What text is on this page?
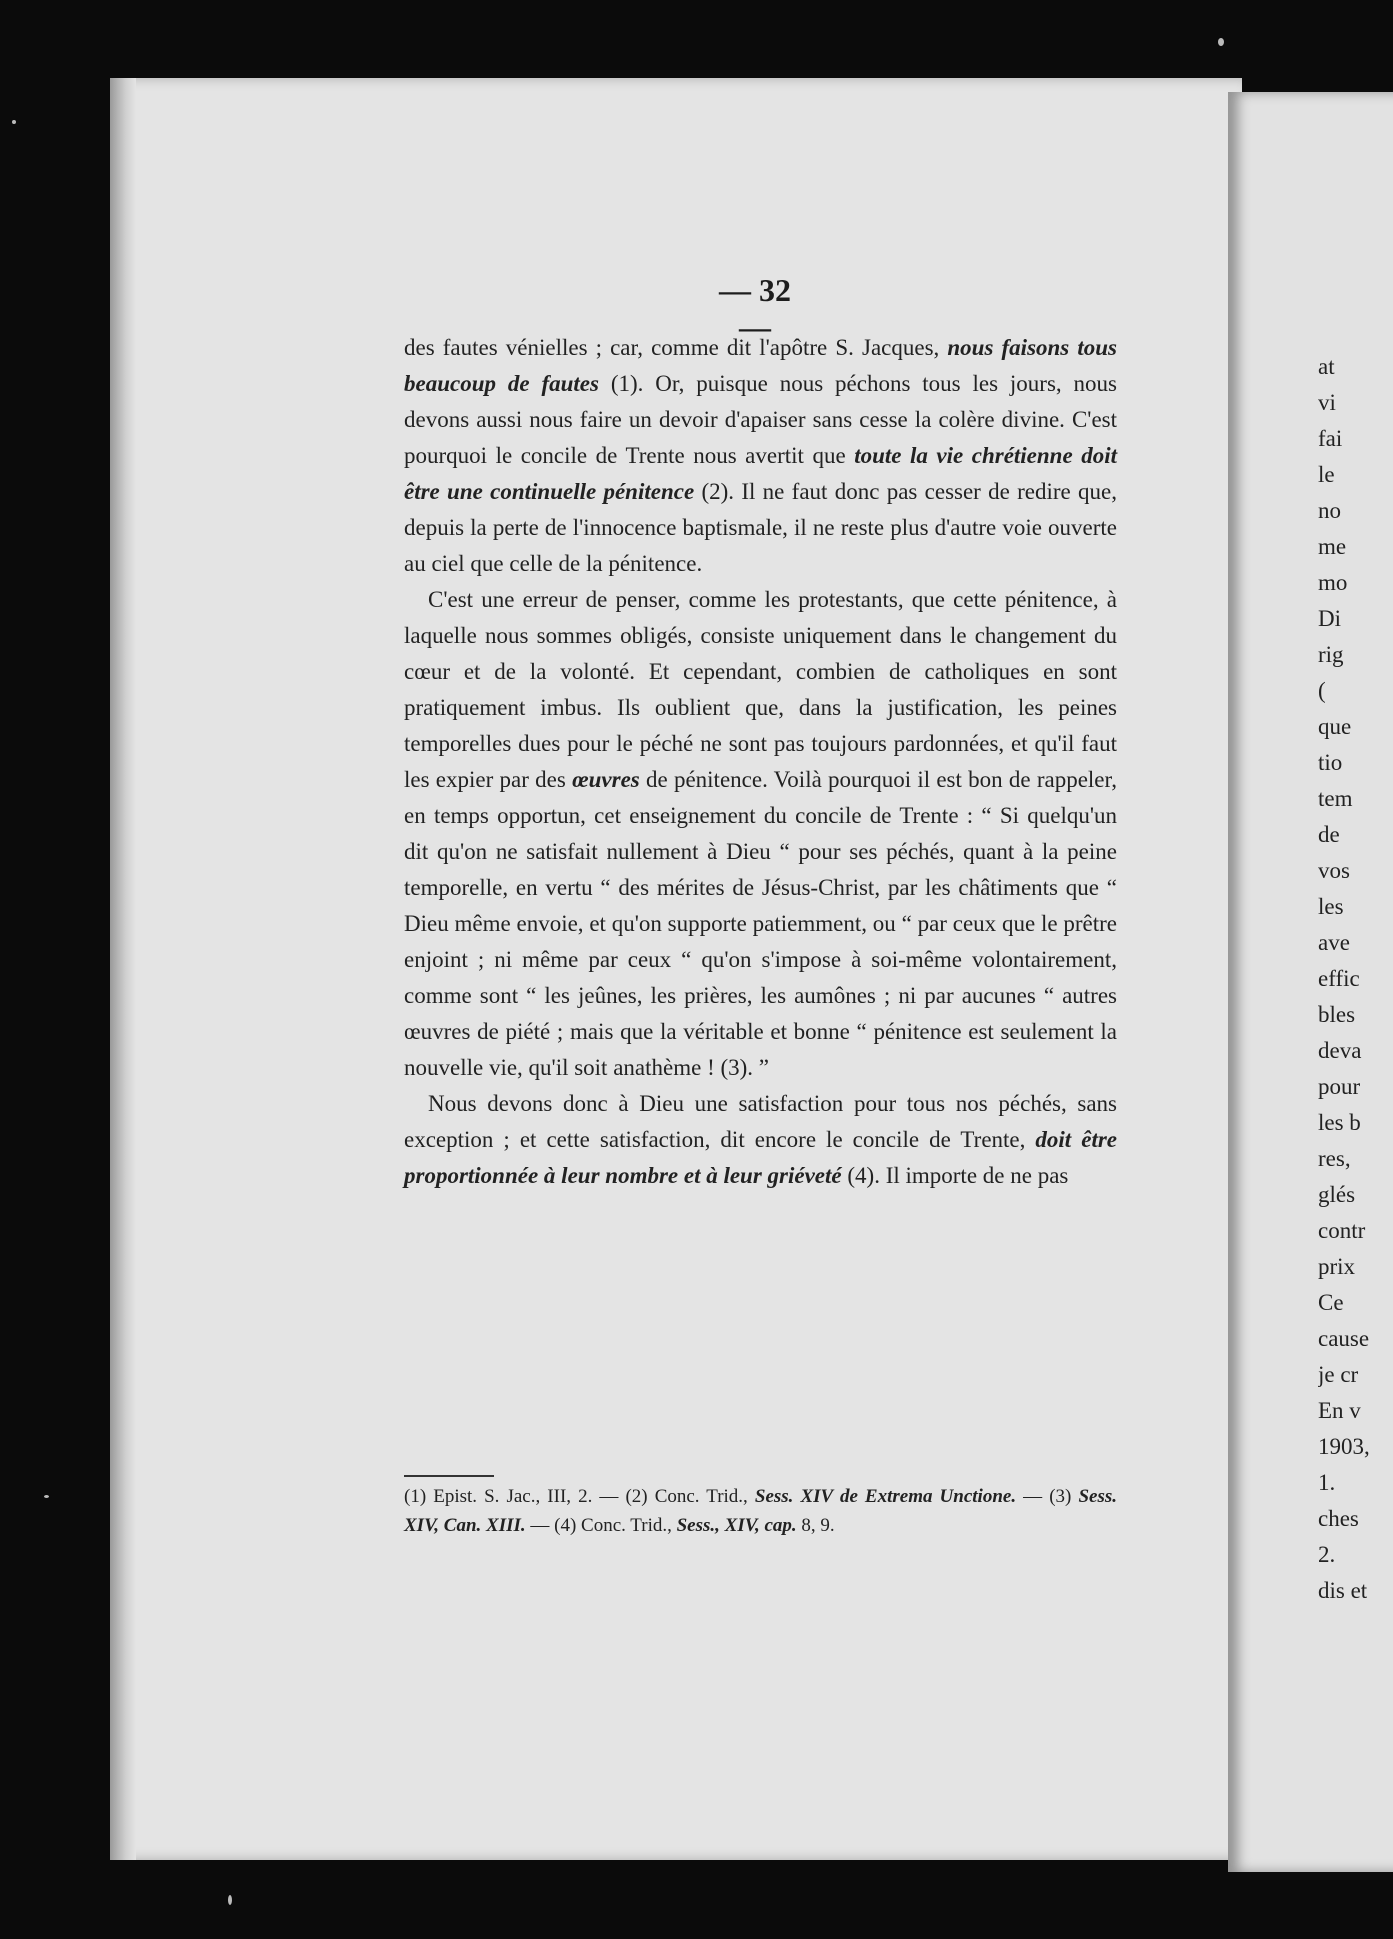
— 32 —

des fautes vénielles ; car, comme dit l'apôtre S. Jacques, nous faisons tous beaucoup de fautes (1). Or, puisque nous péchons tous les jours, nous devons aussi nous faire un devoir d'apaiser sans cesse la colère divine. C'est pourquoi le concile de Trente nous avertit que toute la vie chrétienne doit être une continuelle pénitence (2). Il ne faut donc pas cesser de redire que, depuis la perte de l'innocence baptismale, il ne reste plus d'autre voie ouverte au ciel que celle de la pénitence.

C'est une erreur de penser, comme les protestants, que cette pénitence, à laquelle nous sommes obligés, consiste uniquement dans le changement du cœur et de la volonté. Et cependant, combien de catholiques en sont pratiquement imbus. Ils oublient que, dans la justification, les peines temporelles dues pour le péché ne sont pas toujours pardonnées, et qu'il faut les expier par des œuvres de pénitence. Voilà pourquoi il est bon de rappeler, en temps opportun, cet enseignement du concile de Trente : “ Si quelqu'un dit qu'on ne satisfait nullement à Dieu “ pour ses péchés, quant à la peine temporelle, en vertu “ des mérites de Jésus-Christ, par les châtiments que “ Dieu même envoie, et qu'on supporte patiemment, ou “ par ceux que le prêtre enjoint ; ni même par ceux “ qu'on s'impose à soi-même volontairement, comme sont “ les jeûnes, les prières, les aumônes ; ni par aucunes “ autres œuvres de piété ; mais que la véritable et bonne “ pénitence est seulement la nouvelle vie, qu'il soit anathème ! (3). ”

Nous devons donc à Dieu une satisfaction pour tous nos péchés, sans exception ; et cette satisfaction, dit encore le concile de Trente, doit être proportionnée à leur nombre et à leur griéveté (4). Il importe de ne pas

(1) Epist. S. Jac., III, 2. — (2) Conc. Trid., Sess. XIV de Extrema Unctione. — (3) Sess. XIV, Can. XIII. — (4) Conc. Trid., Sess., XIV, cap. 8, 9.
at
vi
fai
le
no
me
mo
Di
rig
(
que
tio
tem
de
vos
les
ave
effic
bles
deva
pour
les b
res,
glés
contr
prix
Ce
cause
je cr
En v
1903,
1.
ches
2.
dis et
